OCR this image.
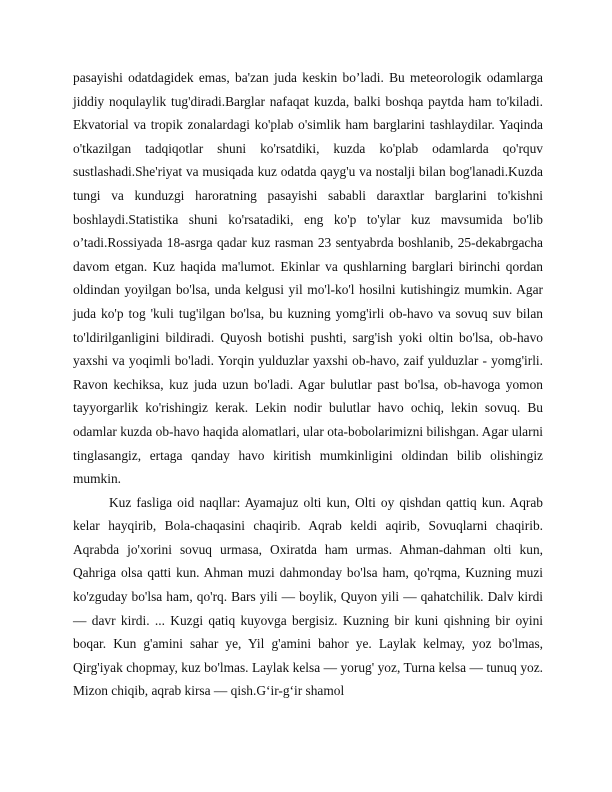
pasayishi odatdagidek emas, ba'zan juda keskin bo’ladi. Bu meteorologik odamlarga jiddiy noqulaylik tug'diradi.Barglar nafaqat kuzda, balki boshqa paytda ham to'kiladi. Ekvatorial va tropik zonalardagi ko'plab o'simlik ham barglarini tashlaydilar. Yaqinda o'tkazilgan tadqiqotlar shuni ko'rsatdiki, kuzda ko'plab odamlarda qo'rquv sustlashadi.She'riyat va musiqada kuz odatda qayg'u va nostalji bilan bog'lanadi.Kuzda tungi va kunduzgi haroratning pasayishi sababli daraxtlar barglarini to'kishni boshlaydi.Statistika shuni ko'rsatadiki, eng ko'p to'ylar kuz mavsumida bo'lib o’tadi.Rossiyada 18-asrga qadar kuz rasman 23 sentyabrda boshlanib, 25-dekabrgacha davom etgan. Kuz haqida ma'lumot. Ekinlar va qushlarning barglari birinchi qordan oldindan yoyilgan bo'lsa, unda kelgusi yil mo'l-ko'l hosilni kutishingiz mumkin. Agar juda ko'p tog 'kuli tug'ilgan bo'lsa, bu kuzning yomg'irli ob-havo va sovuq suv bilan to'ldirilganligini bildiradi. Quyosh botishi pushti, sarg'ish yoki oltin bo'lsa, ob-havo yaxshi va yoqimli bo'ladi. Yorqin yulduzlar yaxshi ob-havo, zaif yulduzlar - yomg'irli. Ravon kechiksa, kuz juda uzun bo'ladi. Agar bulutlar past bo'lsa, ob-havoga yomon tayyorgarlik ko'rishingiz kerak. Lekin nodir bulutlar havo ochiq, lekin sovuq. Bu odamlar kuzda ob-havo haqida alomatlari, ular ota-bobolarimizni bilishgan. Agar ularni tinglasangiz, ertaga qanday havo kiritish mumkinligini oldindan bilib olishingiz mumkin.

Kuz fasliga oid naqllar: Ayamajuz olti kun, Olti oy qishdan qattiq kun. Aqrab kelar hayqirib, Bola-chaqasini chaqirib. Aqrab keldi aqirib, Sovuqlarni chaqirib. Aqrabda jo'xorini sovuq urmasa, Oxiratda ham urmas. Ahman-dahman olti kun, Qahriga olsa qatti kun. Ahman muzi dahmonday bo'lsa ham, qo'rqma, Kuzning muzi ko'zguday bo'lsa ham, qo'rq. Bars yili — boylik, Quyon yili — qahatchilik. Dalv kirdi — davr kirdi. ... Kuzgi qatiq kuyovga bergisiz. Kuzning bir kuni qishning bir oyini boqar. Kun g'amini sahar ye, Yil g'amini bahor ye. Laylak kelmay, yoz bo'lmas, Qirg'iyak chopmay, kuz bo'lmas. Laylak kelsa — yorug' yoz, Turna kelsa — tunuq yoz. Mizon chiqib, aqrab kirsa — qish.G‘ir-g‘ir shamol
